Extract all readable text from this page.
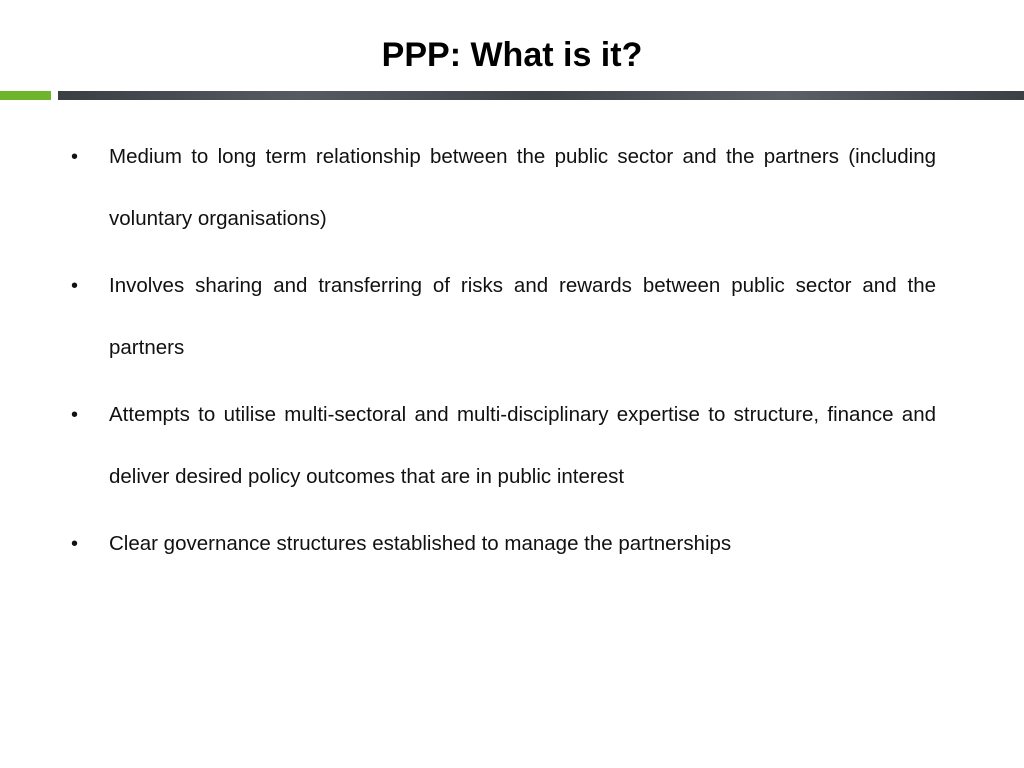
PPP: What is it?
• Medium to long term relationship between the public sector and the partners (including voluntary organisations)
• Involves sharing and transferring of risks and rewards between public sector and the partners
• Attempts to utilise multi-sectoral and multi-disciplinary expertise to structure, finance and deliver desired policy outcomes that are in public interest
• Clear governance structures established to manage the partnerships
